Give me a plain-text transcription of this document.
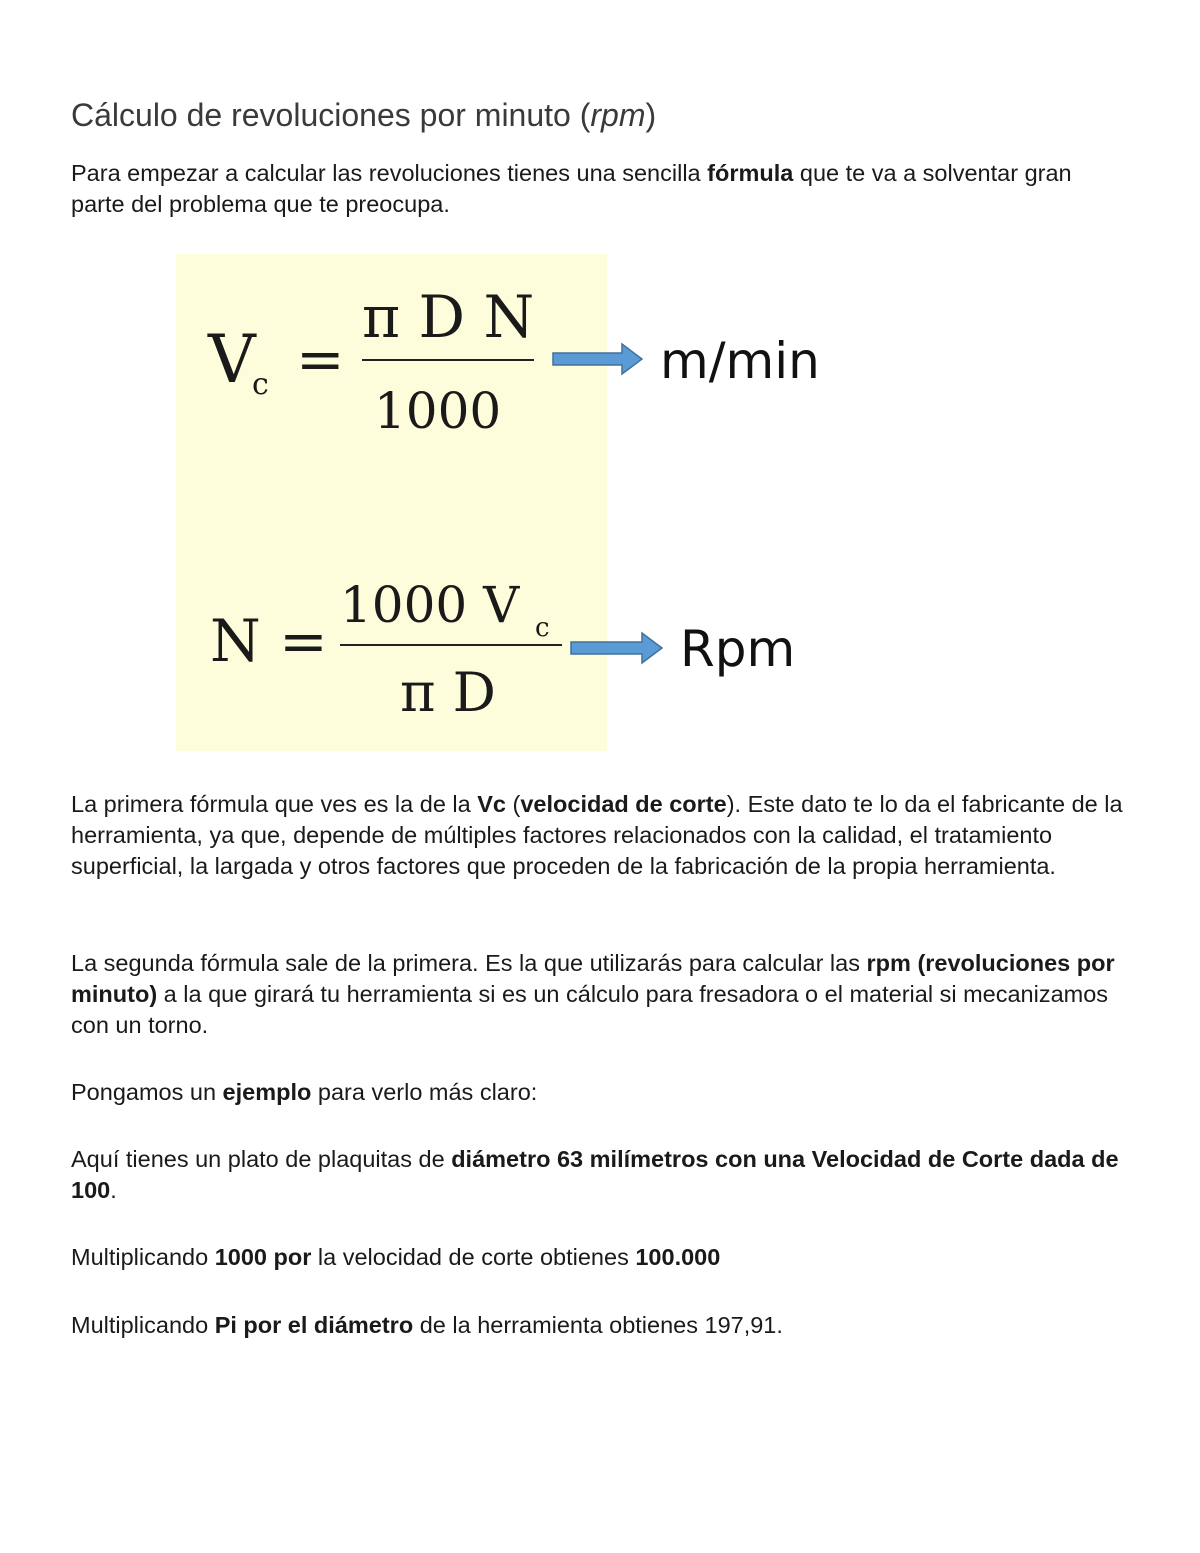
Cálculo de revoluciones por minuto (rpm)

Para empezar a calcular las revoluciones tienes una sencilla fórmula que te va a solventar gran parte del problema que te preocupa.

V
c =
π D N
1000
m/min
N =
1000 V c
π D
Rpm

La primera fórmula que ves es la de la Vc (velocidad de corte). Este dato te lo da el fabricante de la herramienta, ya que, depende de múltiples factores relacionados con la calidad, el tratamiento superficial, la largada y otros factores que proceden de la fabricación de la propia herramienta.

La segunda fórmula sale de la primera. Es la que utilizarás para calcular las rpm (revoluciones por minuto) a la que girará tu herramienta si es un cálculo para fresadora o el material si mecanizamos con un torno.

Pongamos un ejemplo para verlo más claro:

Aquí tienes un plato de plaquitas de diámetro 63 milímetros con una Velocidad de Corte dada de 100.

Multiplicando 1000 por la velocidad de corte obtienes 100.000

Multiplicando Pi por el diámetro de la herramienta obtienes 197,91.
